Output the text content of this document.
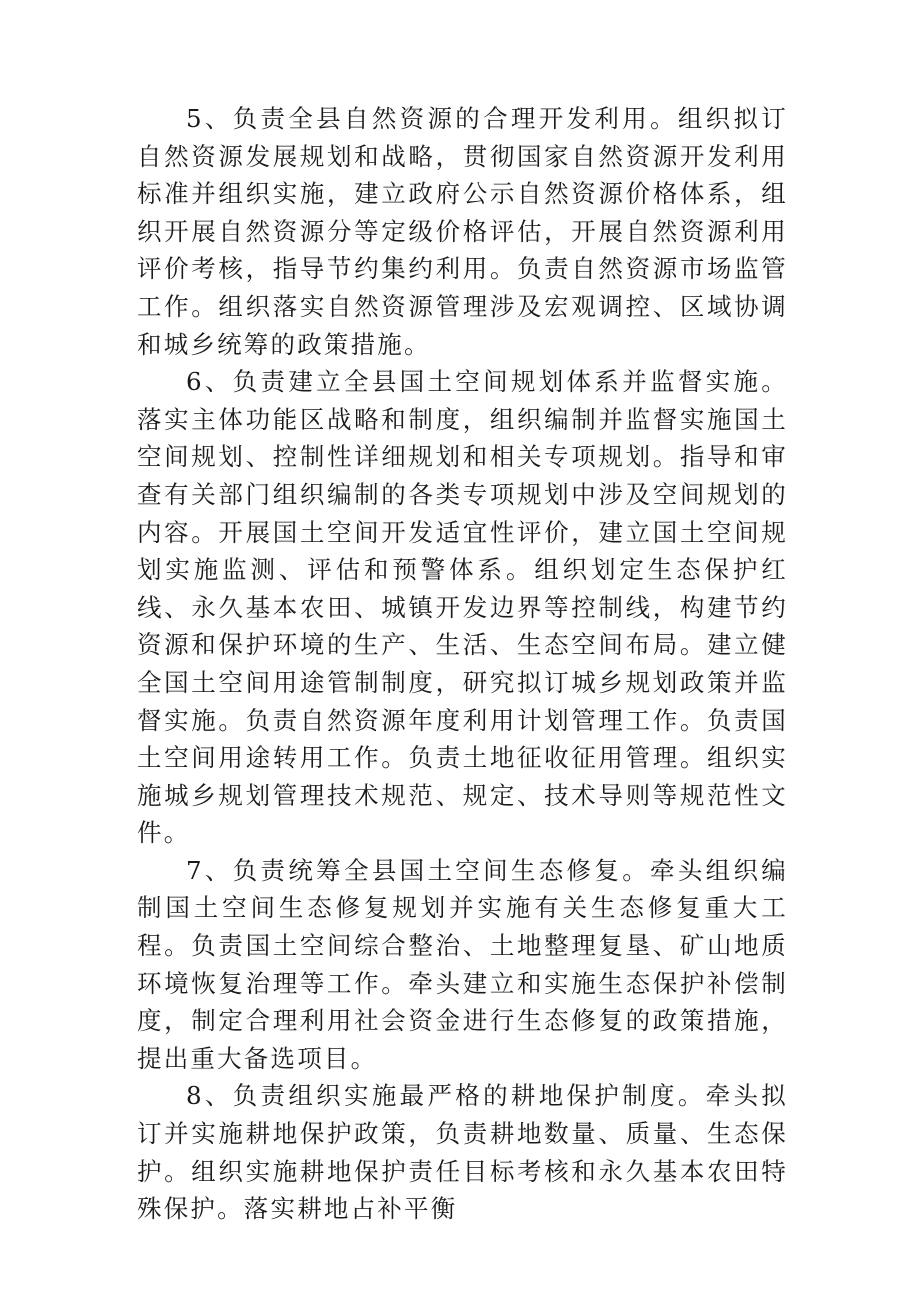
5、负责全县自然资源的合理开发利用。组织拟订自然资源发展规划和战略，贯彻国家自然资源开发利用标准并组织实施，建立政府公示自然资源价格体系，组织开展自然资源分等定级价格评估，开展自然资源利用评价考核，指导节约集约利用。负责自然资源市场监管工作。组织落实自然资源管理涉及宏观调控、区域协调和城乡统筹的政策措施。

6、负责建立全县国土空间规划体系并监督实施。落实主体功能区战略和制度，组织编制并监督实施国土空间规划、控制性详细规划和相关专项规划。指导和审查有关部门组织编制的各类专项规划中涉及空间规划的内容。开展国土空间开发适宜性评价，建立国土空间规划实施监测、评估和预警体系。组织划定生态保护红线、永久基本农田、城镇开发边界等控制线，构建节约资源和保护环境的生产、生活、生态空间布局。建立健全国土空间用途管制制度，研究拟订城乡规划政策并监督实施。负责自然资源年度利用计划管理工作。负责国土空间用途转用工作。负责土地征收征用管理。组织实施城乡规划管理技术规范、规定、技术导则等规范性文件。

7、负责统筹全县国土空间生态修复。牵头组织编制国土空间生态修复规划并实施有关生态修复重大工程。负责国土空间综合整治、土地整理复垦、矿山地质环境恢复治理等工作。牵头建立和实施生态保护补偿制度，制定合理利用社会资金进行生态修复的政策措施，提出重大备选项目。

8、负责组织实施最严格的耕地保护制度。牵头拟订并实施耕地保护政策，负责耕地数量、质量、生态保护。组织实施耕地保护责任目标考核和永久基本农田特殊保护。落实耕地占补平衡
